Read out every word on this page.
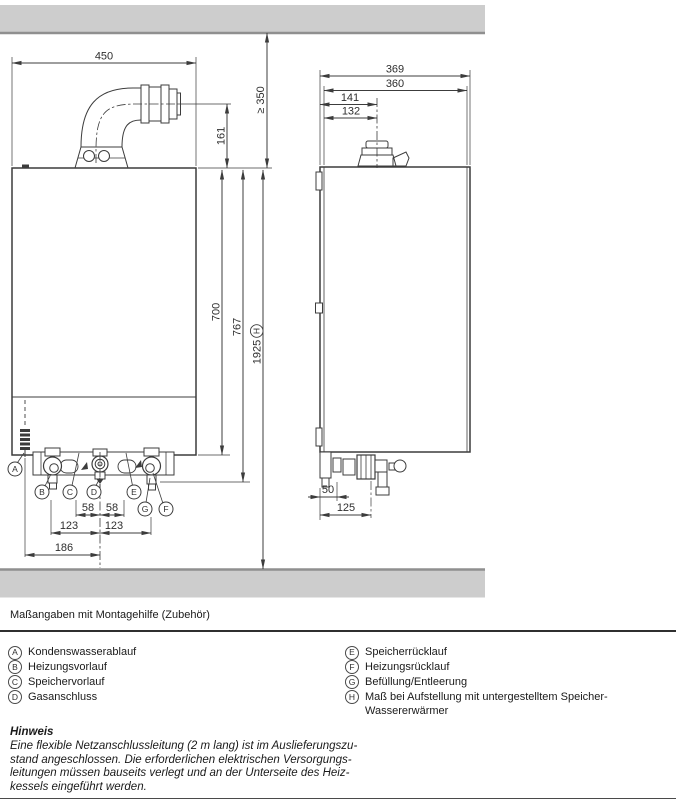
450
161
≥ 350
700
767
1925
H
58 58
123 123
186
A
B	C D	E
G F
369
360
141
132
50
125
Maßangaben mit Montagehilfe (Zubehör)
A Kondenswasserablauf
B Heizungsvorlauf
C Speichervorlauf
D Gasanschluss
E Speicherrücklauf
F Heizungsrücklauf
G Befüllung/Entleerung
H Maß bei Aufstellung mit untergestelltem Speicher-Wassererwärmer
Hinweis
Eine flexible Netzanschlussleitung (2 m lang) ist im Auslieferungszu-
stand angeschlossen. Die erforderlichen elektrischen Versorgungs-
leitungen müssen bauseits verlegt und an der Unterseite des Heiz-
kessels eingeführt werden.
